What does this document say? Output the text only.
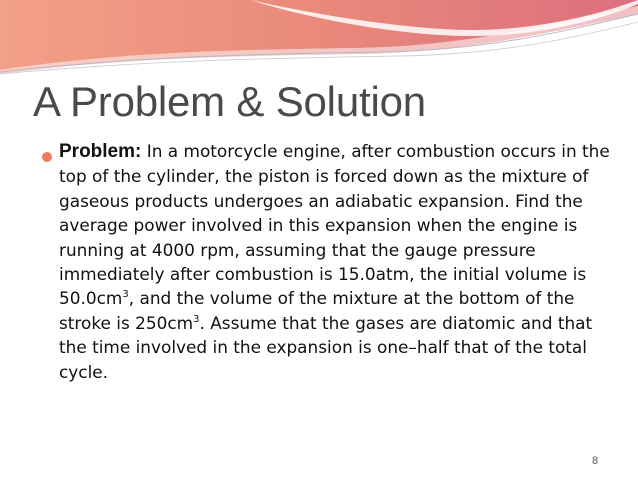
A Problem & Solution
Problem: In a motorcycle engine, after combustion occurs in the top of the cylinder, the piston is forced down as the mixture of gaseous products undergoes an adiabatic expansion. Find the average power involved in this expansion when the engine is running at 4000 rpm, assuming that the gauge pressure immediately after combustion is 15.0atm, the initial volume is $50.0cm^3$, and the volume of the mixture at the bottom of the stroke is $250cm^3$. Assume that the gases are diatomic and that the time involved in the expansion is one–half that of the total cycle.
8
